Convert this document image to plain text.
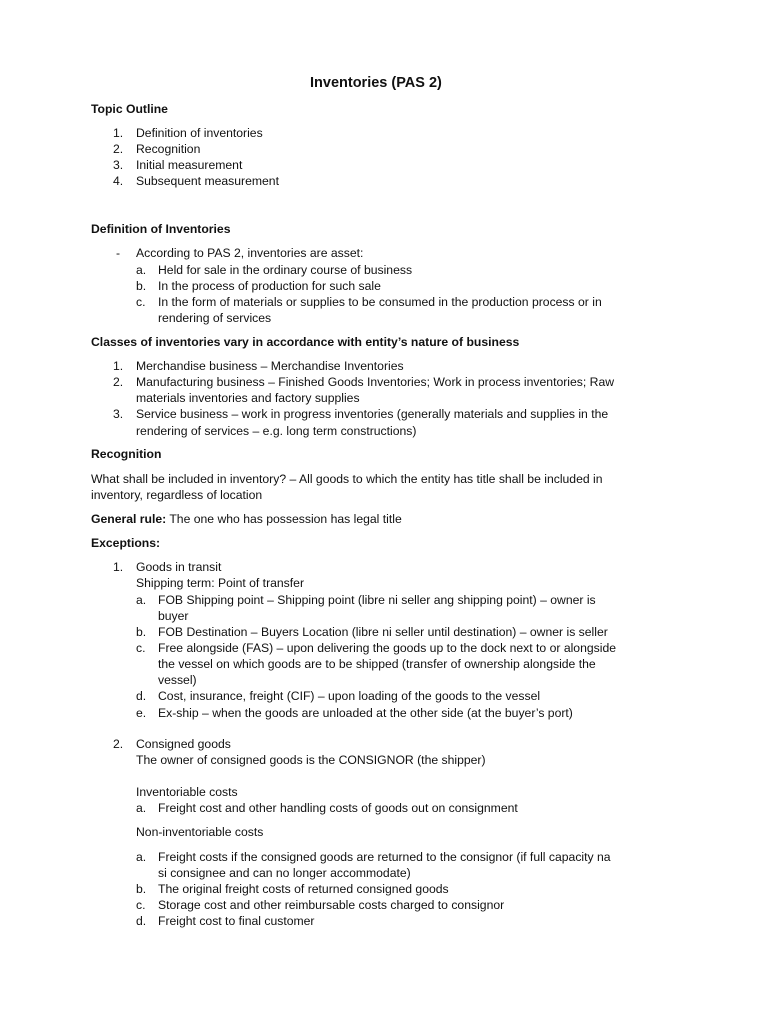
Inventories (PAS 2)
Topic Outline
1. Definition of inventories
2. Recognition
3. Initial measurement
4. Subsequent measurement
Definition of Inventories
- According to PAS 2, inventories are asset:
a. Held for sale in the ordinary course of business
b. In the process of production for such sale
c. In the form of materials or supplies to be consumed in the production process or in
rendering of services
Classes of inventories vary in accordance with entity’s nature of business
1. Merchandise business – Merchandise Inventories
2. Manufacturing business – Finished Goods Inventories; Work in process inventories; Raw
materials inventories and factory supplies
3. Service business – work in progress inventories (generally materials and supplies in the
rendering of services – e.g. long term constructions)
Recognition
What shall be included in inventory? – All goods to which the entity has title shall be included in
inventory, regardless of location
General rule: The one who has possession has legal title
Exceptions:
1. Goods in transit
Shipping term: Point of transfer
a. FOB Shipping point – Shipping point (libre ni seller ang shipping point) – owner is
buyer
b. FOB Destination – Buyers Location (libre ni seller until destination) – owner is seller
c. Free alongside (FAS) – upon delivering the goods up to the dock next to or alongside
the vessel on which goods are to be shipped (transfer of ownership alongside the
vessel)
d. Cost, insurance, freight (CIF) – upon loading of the goods to the vessel
e. Ex-ship – when the goods are unloaded at the other side (at the buyer’s port)
2. Consigned goods
The owner of consigned goods is the CONSIGNOR (the shipper)
Inventoriable costs
a. Freight cost and other handling costs of goods out on consignment
Non-inventoriable costs
a. Freight costs if the consigned goods are returned to the consignor (if full capacity na
si consignee and can no longer accommodate)
b. The original freight costs of returned consigned goods
c. Storage cost and other reimbursable costs charged to consignor
d. Freight cost to final customer
